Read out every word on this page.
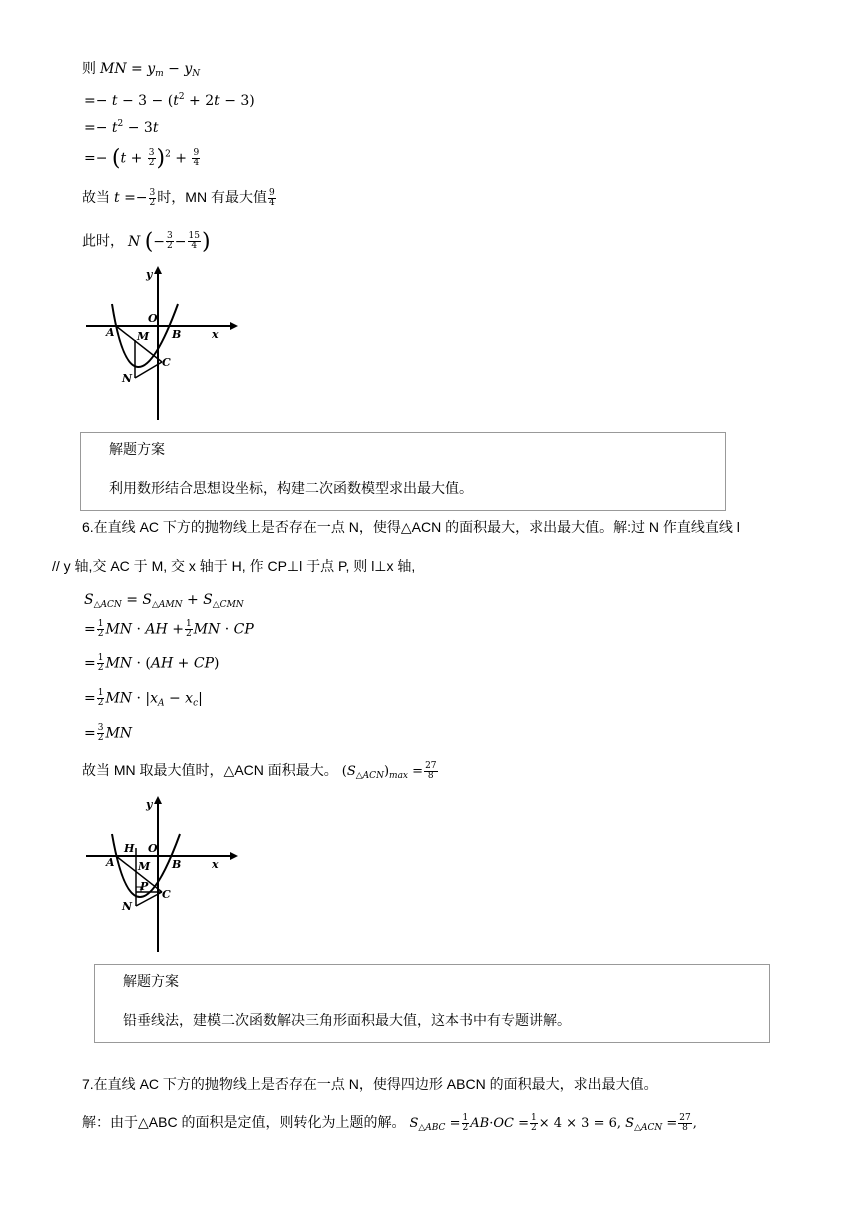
则 MN = $y_m - y_N$
=− $t - 3 - (t^2 + 2t - 3)$
=− $t^2 - 3t$
=− $(t + \frac{3}{2} )^2 + \frac{9}{4}$
故当 $t =- \frac{3}{2}$ 时，MN 有最大值 $\frac{9}{4}$
此时， N (− $\frac{3}{2} - \frac{15}{4}$ )
y
O
A M B	x
C
N
解题方案
利用数形结合思想设坐标，构建二次函数模型求出最大值。
6.在直线 AC 下方的抛物线上是否存在一点 N，使得△ACN 的面积最大，求出最大值。解:过 N 作直线直线 l
// y 轴,交 AC 于 M, 交 x 轴于 H, 作 CP⊥l 于点 P, 则 l⊥x 轴,
$S_{\triangle ACN} = S_{\triangle AMN} + S_{\triangle CMN}$
= $\frac{1}{2}$ MN · AH + $\frac{1}{2}$ MN · CP
= $\frac{1}{2}$ MN · (AH + CP)
= $\frac{1}{2}$ MN · $|x_A - x_c|$
= $\frac{3}{2}$ MN
故当 MN 取最大值时，△ACN 面积最大。 $(S_{\triangle ACN})_{max} = \frac{27}{8}$
y
H O
A M B	x
P
C
N
解题方案
铅垂线法，建模二次函数解决三角形面积最大值，这本书中有专题讲解。
7.在直线 AC 下方的抛物线上是否存在一点 N，使得四边形 ABCN 的面积最大，求出最大值。
解：由于△ABC 的面积是定值，则转化为上题的解。 $S_{\triangle ABC} = \frac{1}{2} AB\cdot OC = \frac{1}{2} \times 4 \times 3 = 6$, $S_{\triangle ACN} = \frac{27}{8}$ ,
